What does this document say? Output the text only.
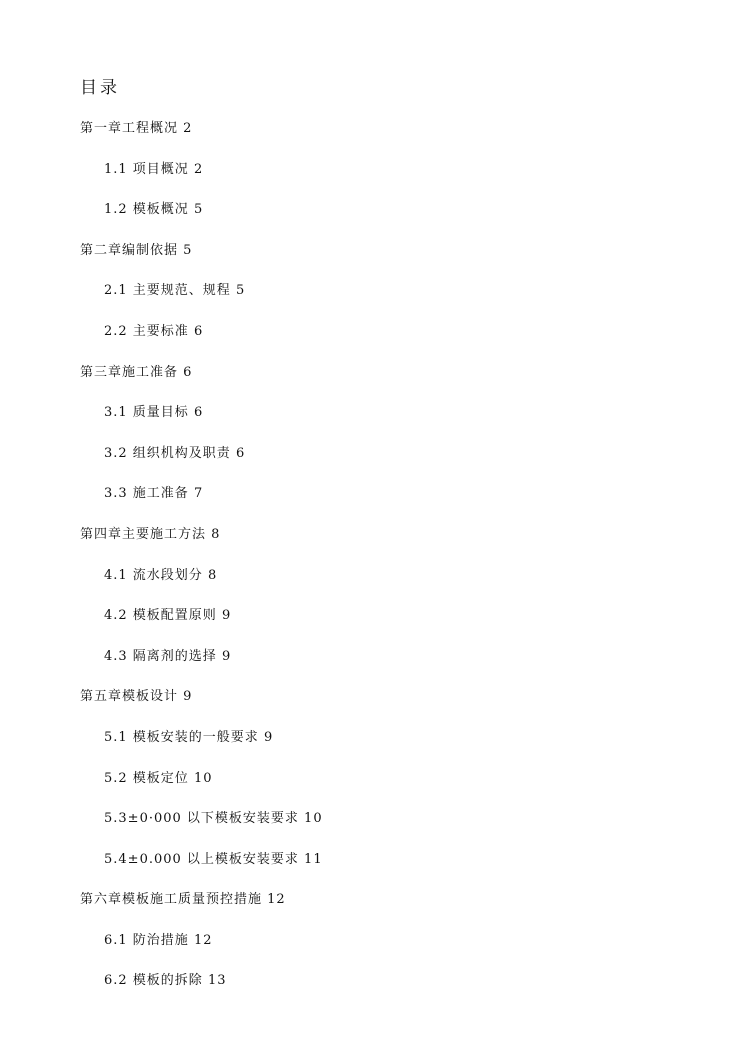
目录
第一章工程概况 2
1.1 项目概况 2
1.2 模板概况 5
第二章编制依据 5
2.1 主要规范、规程 5
2.2 主要标准 6
第三章施工准备 6
3.1 质量目标 6
3.2 组织机构及职责 6
3.3 施工准备 7
第四章主要施工方法 8
4.1 流水段划分 8
4.2 模板配置原则 9
4.3 隔离剂的选择 9
第五章模板设计 9
5.1 模板安装的一般要求 9
5.2 模板定位 10
5.3±0·000 以下模板安装要求 10
5.4±0.000 以上模板安装要求 11
第六章模板施工质量预控措施 12
6.1 防治措施 12
6.2 模板的拆除 13
